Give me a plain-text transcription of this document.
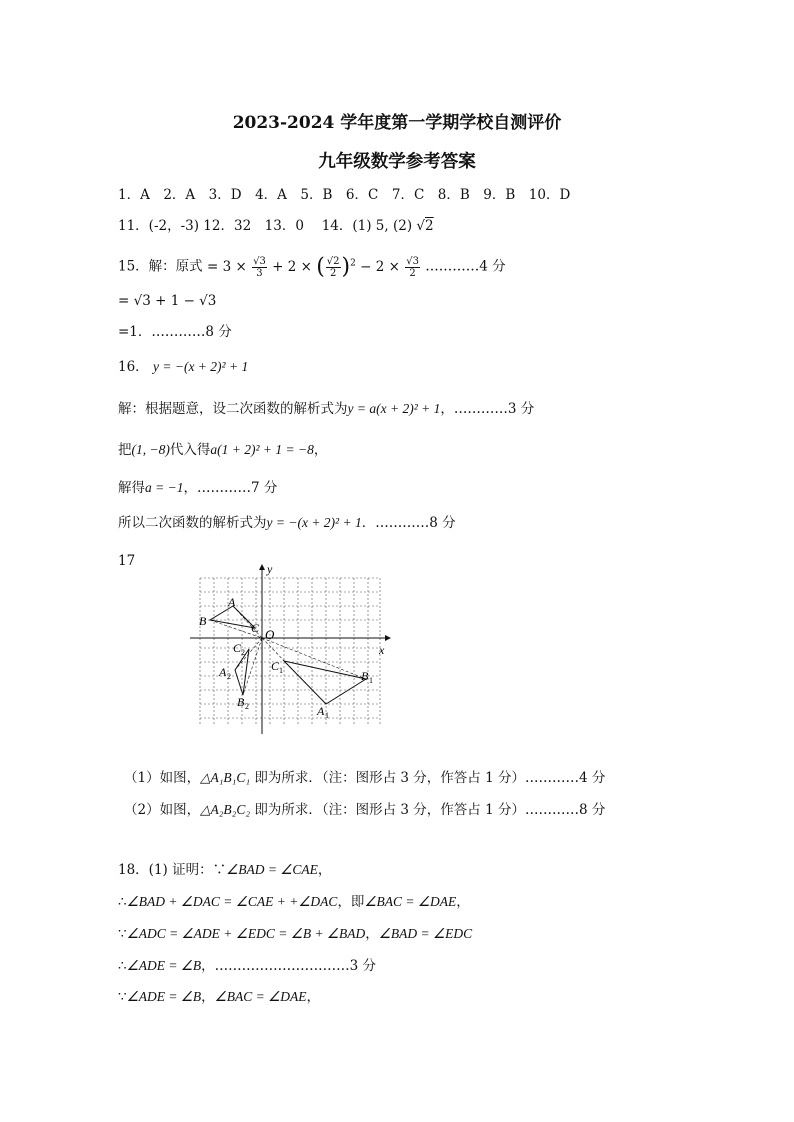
2023-2024 学年度第一学期学校自测评价
九年级数学参考答案
1．A　2．A　3．D　4．A　5．B　6．C　7．C　8．B　9．B　10．D
11．(-2，-3) 12．32　13．0　 14．(1) 5, (2) √2
15．解：原式 = $3 \times \frac{√3}{3} + 2$ × ( $\frac{√2}{2} )^2 - 2 \times \frac{√3}{2}$ …………4 分
= √3 + 1 − √3
=1．…………8 分
16． y = −(x + 2)² + 1
解：根据题意，设二次函数的解析式为y = a(x + 2)² + 1，…………3 分
把(1, −8)代入得a(1 + 2)² + 1 = −8，
解得a = −1，…………7 分
所以二次函数的解析式为y = −(x + 2)² + 1．…………8 分
17
x
y
O
A
B	C
C 1	B 1
A 1
C 2
A 2
B 2
（1）如图，△A₁B₁C₁ 即为所求．（注：图形占 3 分，作答占 1 分）…………4 分
（2）如图，△A₂B₂C₂ 即为所求．（注：图形占 3 分，作答占 1 分）…………8 分
18．(1) 证明：∵∠BAD = ∠CAE，
∴∠BAD + ∠DAC = ∠CAE + +∠DAC，即∠BAC = ∠DAE，
∵∠ADC = ∠ADE + ∠EDC = ∠B + ∠BAD，∠BAD = ∠EDC
∴∠ADE = ∠B，…………………………3 分
∵∠ADE = ∠B，∠BAC = ∠DAE，
